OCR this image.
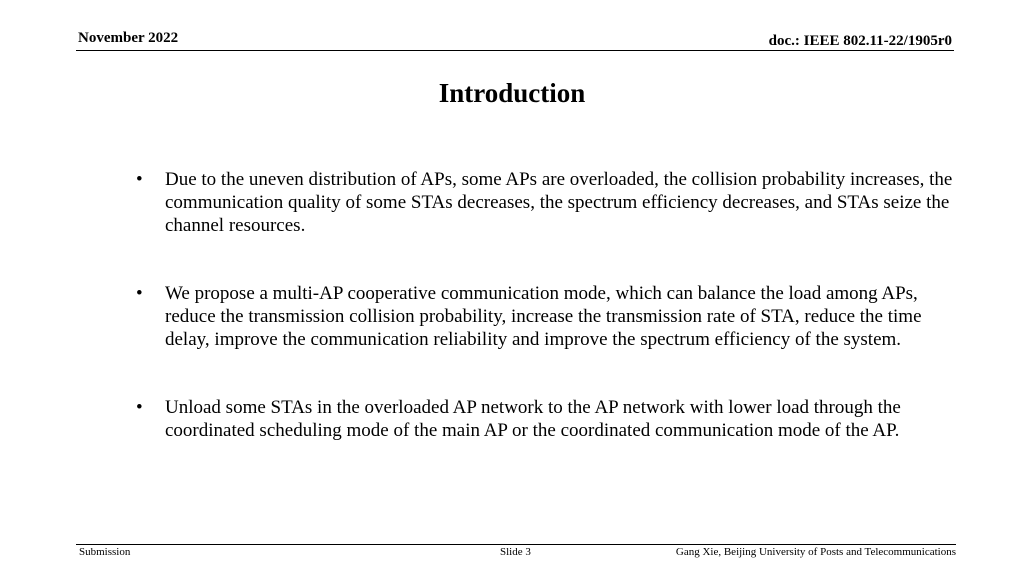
November 2022	doc.: IEEE 802.11-22/1905r0
Introduction
• Due to the uneven distribution of APs, some APs are overloaded, the collision probability increases, the communication quality of some STAs decreases, the spectrum efficiency decreases, and STAs seize the channel resources.
• We propose a multi-AP cooperative communication mode, which can balance the load among APs, reduce the transmission collision probability, increase the transmission rate of STA, reduce the time delay, improve the communication reliability and improve the spectrum efficiency of the system.
• Unload some STAs in the overloaded AP network to the AP network with lower load through the coordinated scheduling mode of the main AP or the coordinated communication mode of the AP.
Submission	Slide 3	Gang Xie, Beijing University of Posts and Telecommunications
